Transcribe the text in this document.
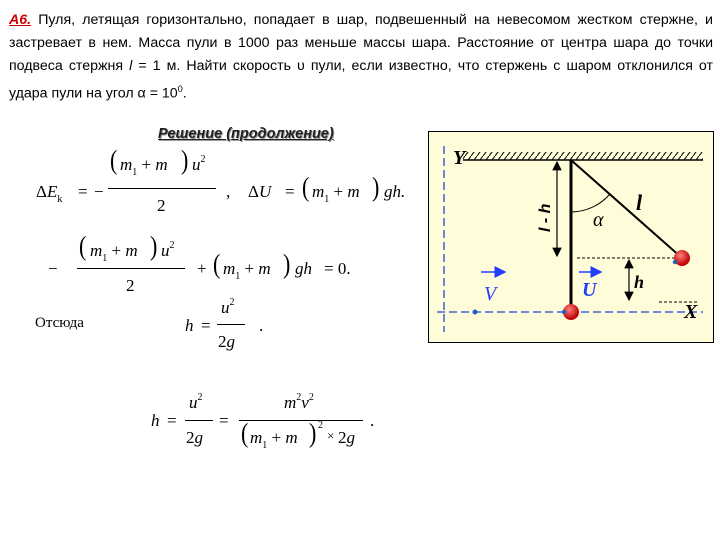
А6. Пуля, летящая горизонтально, попадает в шар, подвешенный на невесомом жестком стержне, и застревает в нем. Масса пули в 1000 раз меньше массы шара. Расстояние от центра шара до точки подвеса стержня l = 1 м. Найти скорость υ пули, если известно, что стержень с шаром отклонился от удара пули на угол $\alpha = 10^0$.
Решение (продолжение)
$\Delta E_k$ = −
( $m_1 + m$ ) $u^2$
2
, ΔU = ( $m_1 + m$ ) gh.
−
( $m_1 + m$ ) $u^2$
2
+ ( $m_1 + m$ ) gh = 0.
Отсюда	h =
$u^2$
2g
.
h =
$u^2$
2g
=
$m^2v^2$
( $m_1 + m$ ) 2
× 2g
.
Y
X
l - h
h
α
l
V	U
